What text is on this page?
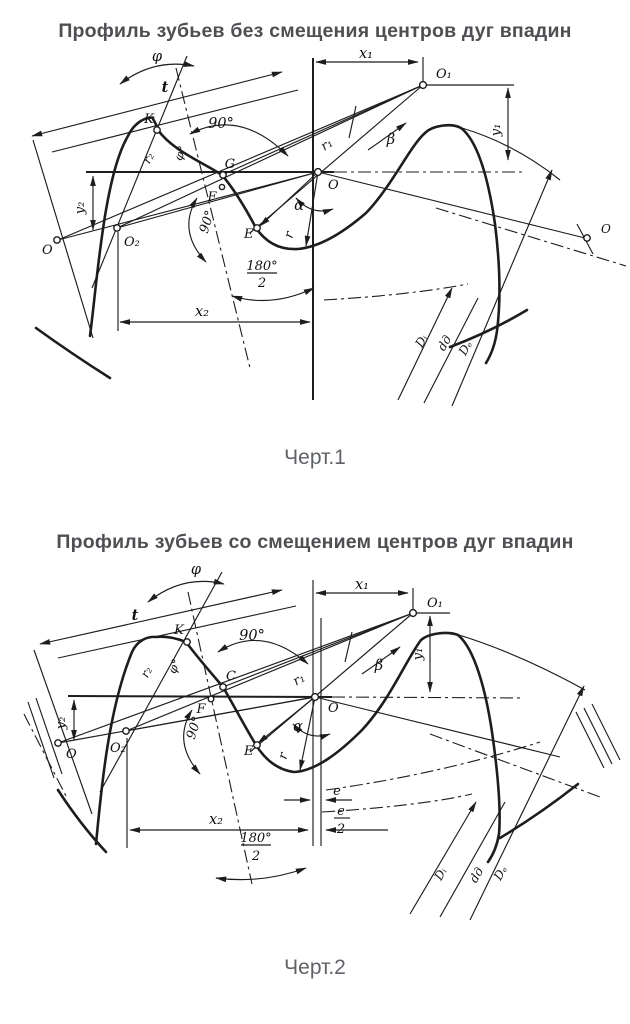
Профиль зубьев без смещения центров дуг впадин
φ
t
K	90°
r₂ φ°
G
F
r₁	β
x₁
O₁
y₁
O
y₂
O₂
O
90° E
α
r
180°
2
x₂
O
Dᵢ dд Dₑ
Черт.1
Профиль зубьев со смещением центров дуг впадин
φ
t
K	90°
r₂ φ°
C
F
r₁
β
x₁
O₁
y₁
O
y₂
O₂
O
90°
E
α
r
e
e
2
x₂
180°
2
Dᵢ dд Dₑ
Черт.2
